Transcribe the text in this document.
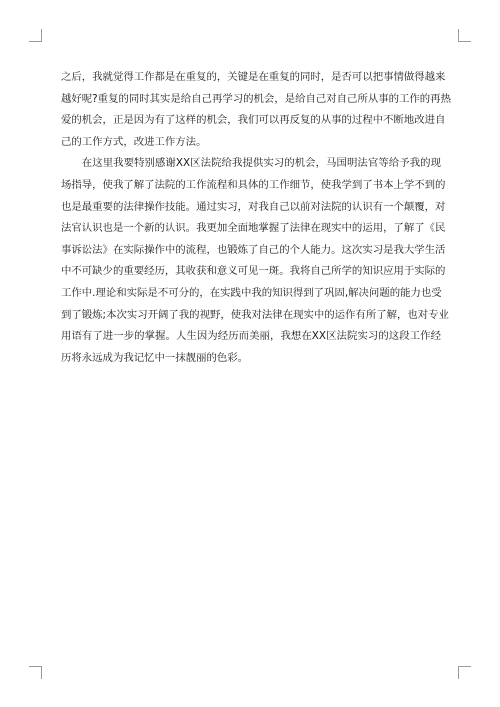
之后，我就觉得工作都是在重复的，关键是在重复的同时，是否可以把事情做得越来
越好呢?重复的同时其实是给自己再学习的机会，是给自己对自己所从事的工作的再热
爱的机会，正是因为有了这样的机会，我们可以再反复的从事的过程中不断地改进自
己的工作方式，改进工作方法。
在这里我要特别感谢XX区法院给我提供实习的机会，马国明法官等给予我的现
场指导，使我了解了法院的工作流程和具体的工作细节，使我学到了书本上学不到的
也是最重要的法律操作技能。通过实习，对我自己以前对法院的认识有一个颠覆，对
法官认识也是一个新的认识。我更加全面地掌握了法律在现实中的运用，了解了《民
事诉讼法》在实际操作中的流程，也锻炼了自己的个人能力。这次实习是我大学生活
中不可缺少的重要经历，其收获和意义可见一斑。我将自己所学的知识应用于实际的
工作中.理论和实际是不可分的，在实践中我的知识得到了巩固,解决问题的能力也受
到了锻炼;本次实习开阔了我的视野，使我对法律在现实中的运作有所了解，也对专业
用语有了进一步的掌握。人生因为经历而美丽，我想在XX区法院实习的这段工作经
历将永远成为我记忆中一抹靓丽的色彩。
